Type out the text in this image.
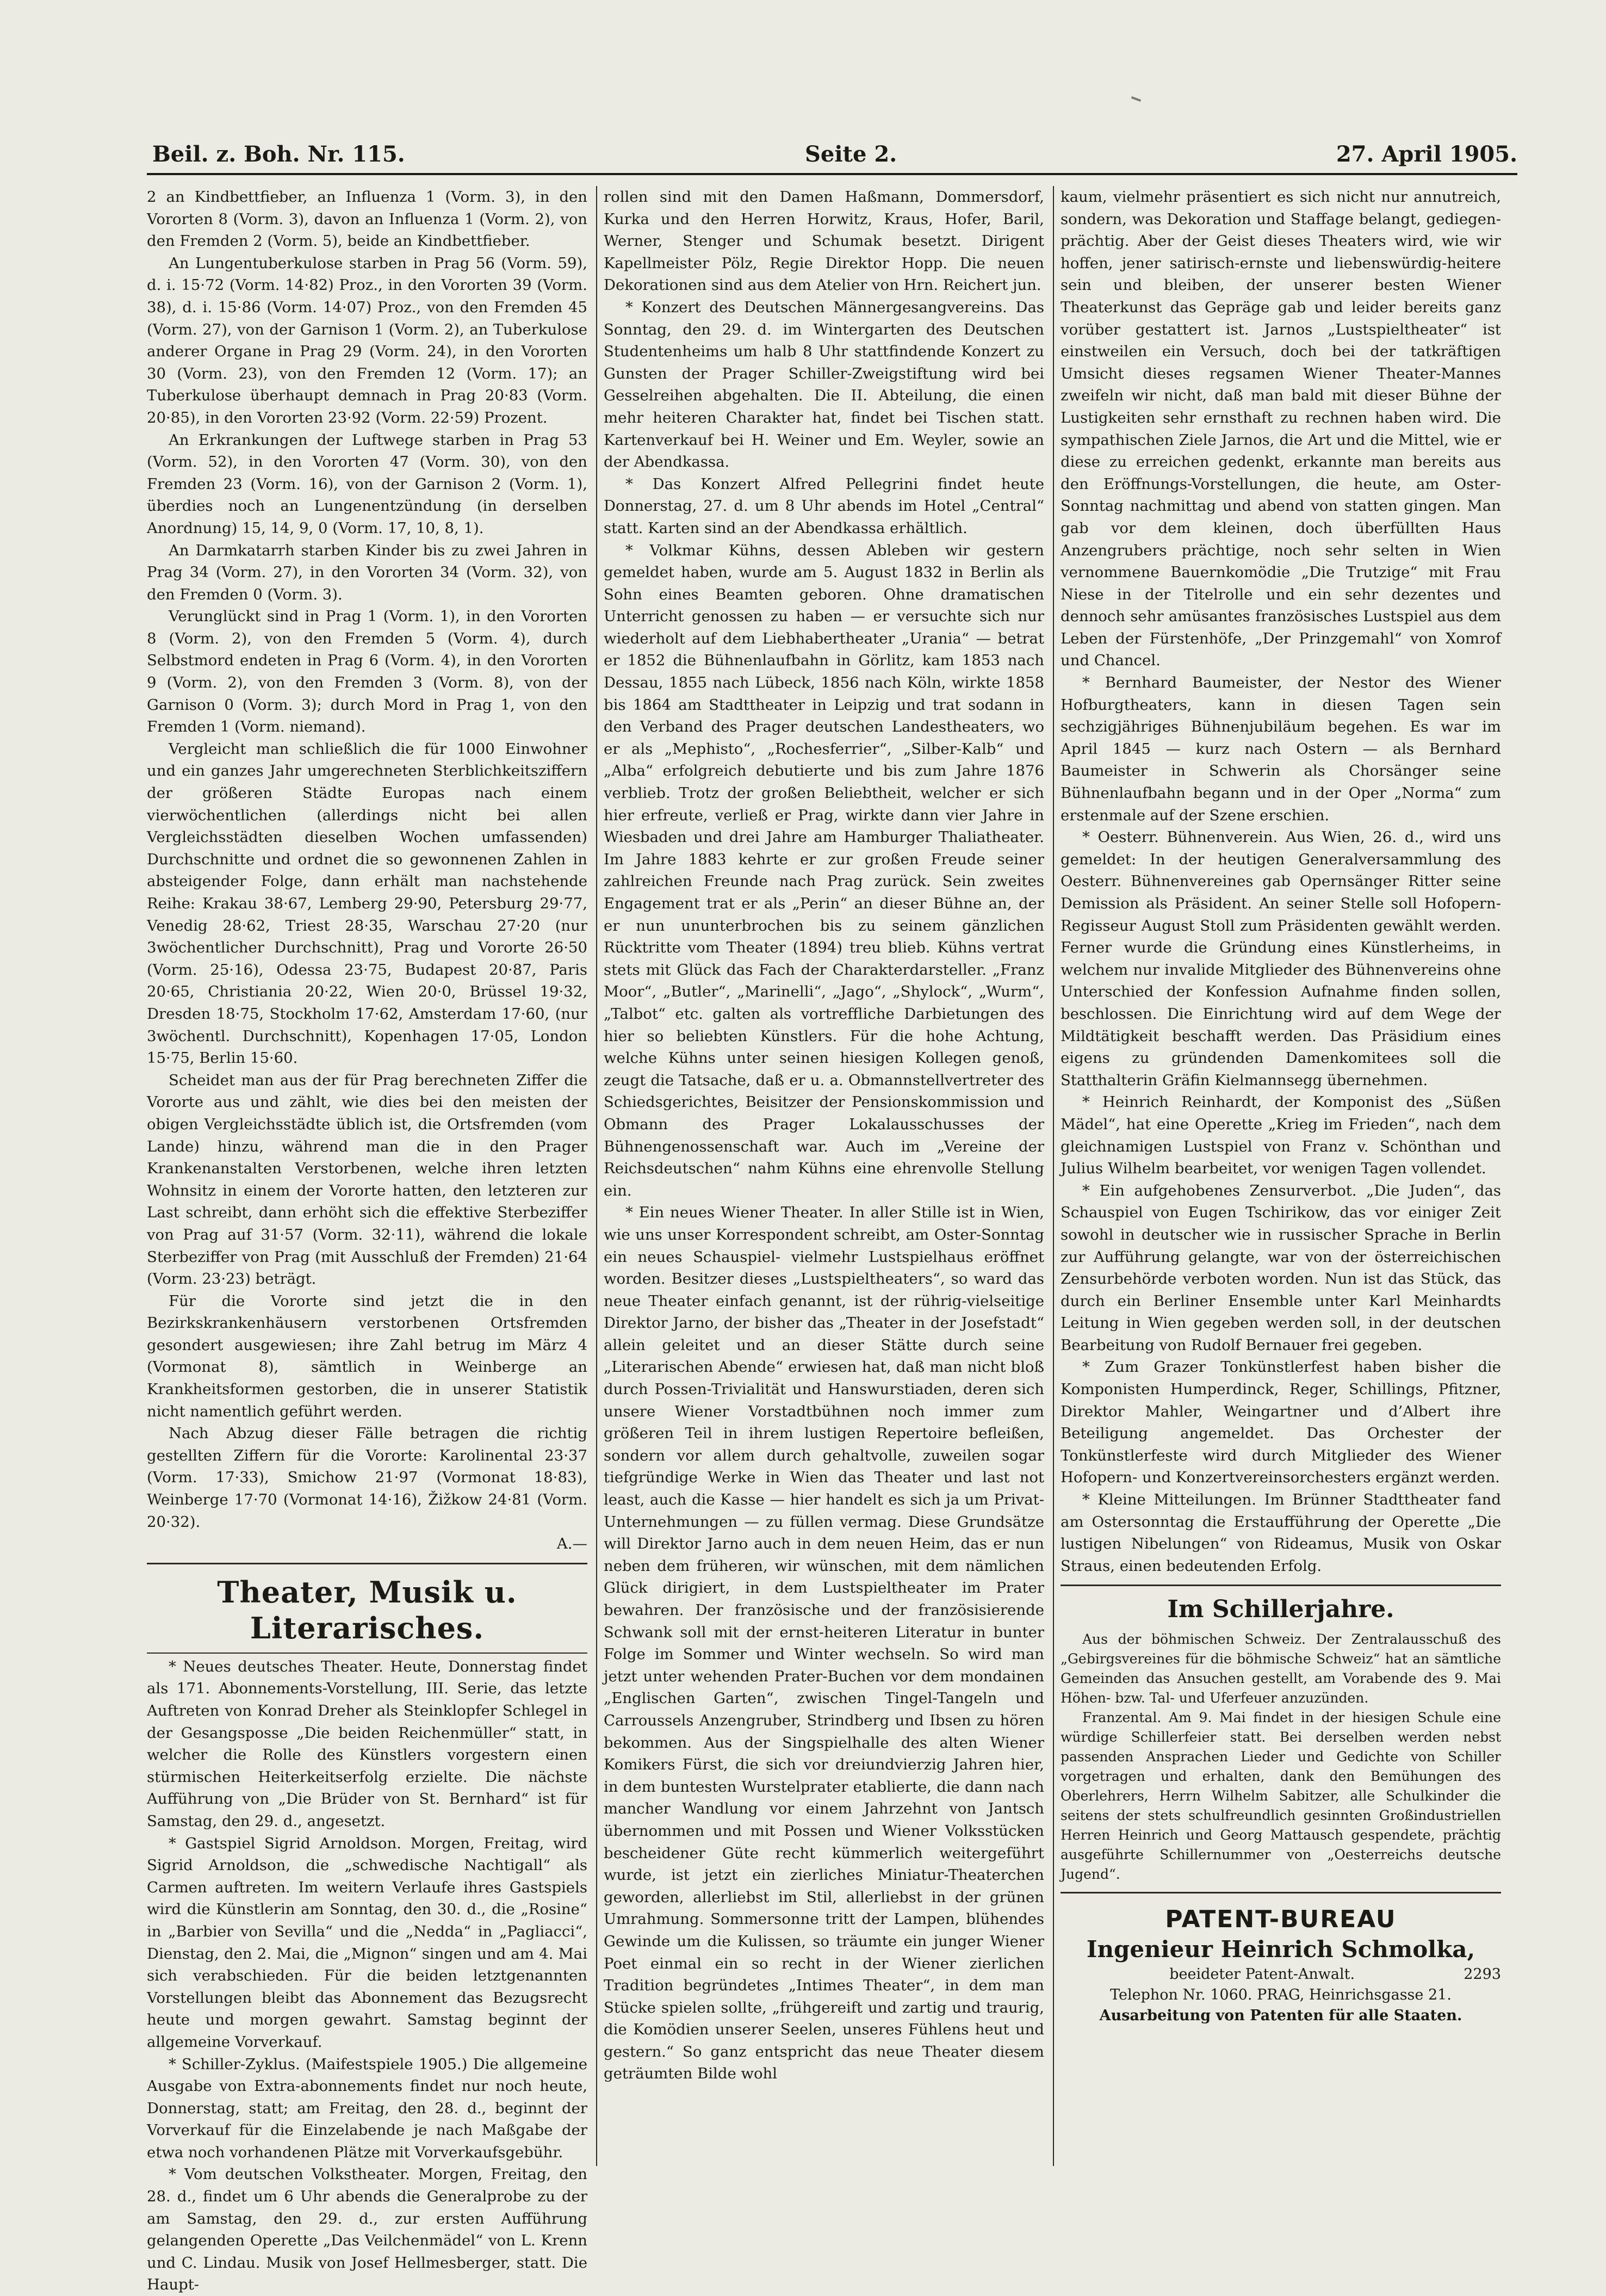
Beil. z. Boh. Nr. 115.	Seite 2.	27. April 1905.

2 an Kindbettfieber, an Influenza 1 (Vorm. 3), in den Vororten 8 (Vorm. 3), davon an Influenza 1 (Vorm. 2), von den Fremden 2 (Vorm. 5), beide an Kindbettfieber.

An Lungentuberkulose starben in Prag 56 (Vorm. 59), d. i. 15·72 (Vorm. 14·82) Proz., in den Vororten 39 (Vorm. 38), d. i. 15·86 (Vorm. 14·07) Proz., von den Fremden 45 (Vorm. 27), von der Garnison 1 (Vorm. 2), an Tuberkulose anderer Organe in Prag 29 (Vorm. 24), in den Vororten 30 (Vorm. 23), von den Fremden 12 (Vorm. 17); an Tuberkulose überhaupt demnach in Prag 20·83 (Vorm. 20·85), in den Vororten 23·92 (Vorm. 22·59) Prozent.

An Erkrankungen der Luftwege starben in Prag 53 (Vorm. 52), in den Vororten 47 (Vorm. 30), von den Fremden 23 (Vorm. 16), von der Garnison 2 (Vorm. 1), überdies noch an Lungenentzündung (in derselben Anordnung) 15, 14, 9, 0 (Vorm. 17, 10, 8, 1).

An Darmkatarrh starben Kinder bis zu zwei Jahren in Prag 34 (Vorm. 27), in den Vororten 34 (Vorm. 32), von den Fremden 0 (Vorm. 3).

Verunglückt sind in Prag 1 (Vorm. 1), in den Vororten 8 (Vorm. 2), von den Fremden 5 (Vorm. 4), durch Selbstmord endeten in Prag 6 (Vorm. 4), in den Vororten 9 (Vorm. 2), von den Fremden 3 (Vorm. 8), von der Garnison 0 (Vorm. 3); durch Mord in Prag 1, von den Fremden 1 (Vorm. niemand).

Vergleicht man schließlich die für 1000 Einwohner und ein ganzes Jahr umgerechneten Sterblichkeitsziffern der größeren Städte Europas nach einem vierwöchentlichen (allerdings nicht bei allen Vergleichsstädten dieselben Wochen umfassenden) Durchschnitte und ordnet die so gewonnenen Zahlen in absteigender Folge, dann erhält man nachstehende Reihe: Krakau 38·67, Lemberg 29·90, Petersburg 29·77, Venedig 28·62, Triest 28·35, Warschau 27·20 (nur 3wöchentlicher Durchschnitt), Prag und Vororte 26·50 (Vorm. 25·16), Odessa 23·75, Budapest 20·87, Paris 20·65, Christiania 20·22, Wien 20·0, Brüssel 19·32, Dresden 18·75, Stockholm 17·62, Amsterdam 17·60, (nur 3wöchentl. Durchschnitt), Kopenhagen 17·05, London 15·75, Berlin 15·60.

Scheidet man aus der für Prag berechneten Ziffer die Vororte aus und zählt, wie dies bei den meisten der obigen Vergleichsstädte üblich ist, die Ortsfremden (vom Lande) hinzu, während man die in den Prager Krankenanstalten Verstorbenen, welche ihren letzten Wohnsitz in einem der Vororte hatten, den letzteren zur Last schreibt, dann erhöht sich die effektive Sterbeziffer von Prag auf 31·57 (Vorm. 32·11), während die lokale Sterbeziffer von Prag (mit Ausschluß der Fremden) 21·64 (Vorm. 23·23) beträgt.

Für die Vororte sind jetzt die in den Bezirkskrankenhäusern verstorbenen Ortsfremden gesondert ausgewiesen; ihre Zahl betrug im März 4 (Vormonat 8), sämtlich in Weinberge an Krankheitsformen gestorben, die in unserer Statistik nicht namentlich geführt werden.

Nach Abzug dieser Fälle betragen die richtig gestellten Ziffern für die Vororte: Karolinental 23·37 (Vorm. 17·33), Smichow 21·97 (Vormonat 18·83), Weinberge 17·70 (Vormonat 14·16), Žižkow 24·81 (Vorm. 20·32).

A.—
Theater, Musik u. Literarisches.

* Neues deutsches Theater. Heute, Donnerstag findet als 171. Abonnements-Vorstellung, III. Serie, das letzte Auftreten von Konrad Dreher als Steinklopfer Schlegel in der Gesangsposse „Die beiden Reichenmüller“ statt, in welcher die Rolle des Künstlers vorgestern einen stürmischen Heiterkeitserfolg erzielte. Die nächste Aufführung von „Die Brüder von St. Bernhard“ ist für Samstag, den 29. d., angesetzt.

* Gastspiel Sigrid Arnoldson. Morgen, Freitag, wird Sigrid Arnoldson, die „schwedische Nachtigall“ als Carmen auftreten. Im weitern Verlaufe ihres Gastspiels wird die Künstlerin am Sonntag, den 30. d., die „Rosine“ in „Barbier von Sevilla“ und die „Nedda“ in „Pagliacci“, Dienstag, den 2. Mai, die „Mignon“ singen und am 4. Mai sich verabschieden. Für die beiden letztgenannten Vorstellungen bleibt das Abonnement das Bezugsrecht heute und morgen gewahrt. Samstag beginnt der allgemeine Vorverkauf.

* Schiller-Zyklus. (Maifestspiele 1905.) Die allgemeine Ausgabe von Extra-abonnements findet nur noch heute, Donnerstag, statt; am Freitag, den 28. d., beginnt der Vorverkauf für die Einzelabende je nach Maßgabe der etwa noch vorhandenen Plätze mit Vorverkaufsgebühr.

* Vom deutschen Volkstheater. Morgen, Freitag, den 28. d., findet um 6 Uhr abends die Generalprobe zu der am Samstag, den 29. d., zur ersten Aufführung gelangenden Operette „Das Veilchenmädel“ von L. Krenn und C. Lindau. Musik von Josef Hellmesberger, statt. Die Haupt-

rollen sind mit den Damen Haßmann, Dommersdorf, Kurka und den Herren Horwitz, Kraus, Hofer, Baril, Werner, Stenger und Schumak besetzt. Dirigent Kapellmeister Pölz, Regie Direktor Hopp. Die neuen Dekorationen sind aus dem Atelier von Hrn. Reichert jun.

* Konzert des Deutschen Männergesangvereins. Das Sonntag, den 29. d. im Wintergarten des Deutschen Studentenheims um halb 8 Uhr stattfindende Konzert zu Gunsten der Prager Schiller-Zweigstiftung wird bei Gesselreihen abgehalten. Die II. Abteilung, die einen mehr heiteren Charakter hat, findet bei Tischen statt. Kartenverkauf bei H. Weiner und Em. Weyler, sowie an der Abendkassa.

* Das Konzert Alfred Pellegrini findet heute Donnerstag, 27. d. um 8 Uhr abends im Hotel „Central“ statt. Karten sind an der Abendkassa erhältlich.

* Volkmar Kühns, dessen Ableben wir gestern gemeldet haben, wurde am 5. August 1832 in Berlin als Sohn eines Beamten geboren. Ohne dramatischen Unterricht genossen zu haben — er versuchte sich nur wiederholt auf dem Liebhabertheater „Urania“ — betrat er 1852 die Bühnenlaufbahn in Görlitz, kam 1853 nach Dessau, 1855 nach Lübeck, 1856 nach Köln, wirkte 1858 bis 1864 am Stadttheater in Leipzig und trat sodann in den Verband des Prager deutschen Landestheaters, wo er als „Mephisto“, „Rochesferrier“, „Silber-Kalb“ und „Alba“ erfolgreich debutierte und bis zum Jahre 1876 verblieb. Trotz der großen Beliebtheit, welcher er sich hier erfreute, verließ er Prag, wirkte dann vier Jahre in Wiesbaden und drei Jahre am Hamburger Thaliatheater. Im Jahre 1883 kehrte er zur großen Freude seiner zahlreichen Freunde nach Prag zurück. Sein zweites Engagement trat er als „Perin“ an dieser Bühne an, der er nun ununterbrochen bis zu seinem gänzlichen Rücktritte vom Theater (1894) treu blieb. Kühns vertrat stets mit Glück das Fach der Charakterdarsteller. „Franz Moor“, „Butler“, „Marinelli“, „Jago“, „Shylock“, „Wurm“, „Talbot“ etc. galten als vortreffliche Darbietungen des hier so beliebten Künstlers. Für die hohe Achtung, welche Kühns unter seinen hiesigen Kollegen genoß, zeugt die Tatsache, daß er u. a. Obmannstellvertreter des Schiedsgerichtes, Beisitzer der Pensionskommission und Obmann des Prager Lokalausschusses der Bühnengenossenschaft war. Auch im „Vereine der Reichsdeutschen“ nahm Kühns eine ehrenvolle Stellung ein.

* Ein neues Wiener Theater. In aller Stille ist in Wien, wie uns unser Korrespondent schreibt, am Oster-Sonntag ein neues Schauspiel- vielmehr Lustspielhaus eröffnet worden. Besitzer dieses „Lustspieltheaters“, so ward das neue Theater einfach genannt, ist der rührig-vielseitige Direktor Jarno, der bisher das „Theater in der Josefstadt“ allein geleitet und an dieser Stätte durch seine „Literarischen Abende“ erwiesen hat, daß man nicht bloß durch Possen-Trivialität und Hanswurstiaden, deren sich unsere Wiener Vorstadtbühnen noch immer zum größeren Teil in ihrem lustigen Repertoire befleißen, sondern vor allem durch gehaltvolle, zuweilen sogar tiefgründige Werke in Wien das Theater und last not least, auch die Kasse — hier handelt es sich ja um Privat-Unternehmungen — zu füllen vermag. Diese Grundsätze will Direktor Jarno auch in dem neuen Heim, das er nun neben dem früheren, wir wünschen, mit dem nämlichen Glück dirigiert, in dem Lustspieltheater im Prater bewahren. Der französische und der französisierende Schwank soll mit der ernst-heiteren Literatur in bunter Folge im Sommer und Winter wechseln. So wird man jetzt unter wehenden Prater-Buchen vor dem mondainen „Englischen Garten“, zwischen Tingel-Tangeln und Carroussels Anzengruber, Strindberg und Ibsen zu hören bekommen. Aus der Singspielhalle des alten Wiener Komikers Fürst, die sich vor dreiundvierzig Jahren hier, in dem buntesten Wurstelprater etablierte, die dann nach mancher Wandlung vor einem Jahrzehnt von Jantsch übernommen und mit Possen und Wiener Volksstücken bescheidener Güte recht kümmerlich weitergeführt wurde, ist jetzt ein zierliches Miniatur-Theaterchen geworden, allerliebst im Stil, allerliebst in der grünen Umrahmung. Sommersonne tritt der Lampen, blühendes Gewinde um die Kulissen, so träumte ein junger Wiener Poet einmal ein so recht in der Wiener zierlichen Tradition begründetes „Intimes Theater“, in dem man Stücke spielen sollte, „frühgereift und zartig und traurig, die Komödien unserer Seelen, unseres Fühlens heut und gestern.“ So ganz entspricht das neue Theater diesem geträumten Bilde wohl

kaum, vielmehr präsentiert es sich nicht nur annutreich, sondern, was Dekoration und Staffage belangt, gediegen-prächtig. Aber der Geist dieses Theaters wird, wie wir hoffen, jener satirisch-ernste und liebenswürdig-heitere sein und bleiben, der unserer besten Wiener Theaterkunst das Gepräge gab und leider bereits ganz vorüber gestattert ist. Jarnos „Lustspieltheater“ ist einstweilen ein Versuch, doch bei der tatkräftigen Umsicht dieses regsamen Wiener Theater-Mannes zweifeln wir nicht, daß man bald mit dieser Bühne der Lustigkeiten sehr ernsthaft zu rechnen haben wird. Die sympathischen Ziele Jarnos, die Art und die Mittel, wie er diese zu erreichen gedenkt, erkannte man bereits aus den Eröffnungs-Vorstellungen, die heute, am Oster-Sonntag nachmittag und abend von statten gingen. Man gab vor dem kleinen, doch überfüllten Haus Anzengrubers prächtige, noch sehr selten in Wien vernommene Bauernkomödie „Die Trutzige“ mit Frau Niese in der Titelrolle und ein sehr dezentes und dennoch sehr amüsantes französisches Lustspiel aus dem Leben der Fürstenhöfe, „Der Prinzgemahl“ von Xomrof und Chancel.

* Bernhard Baumeister, der Nestor des Wiener Hofburgtheaters, kann in diesen Tagen sein sechzigjähriges Bühnenjubiläum begehen. Es war im April 1845 — kurz nach Ostern — als Bernhard Baumeister in Schwerin als Chorsänger seine Bühnenlaufbahn begann und in der Oper „Norma“ zum erstenmale auf der Szene erschien.

* Oesterr. Bühnenverein. Aus Wien, 26. d., wird uns gemeldet: In der heutigen Generalversammlung des Oesterr. Bühnenvereines gab Opernsänger Ritter seine Demission als Präsident. An seiner Stelle soll Hofopern-Regisseur August Stoll zum Präsidenten gewählt werden. Ferner wurde die Gründung eines Künstlerheims, in welchem nur invalide Mitglieder des Bühnenvereins ohne Unterschied der Konfession Aufnahme finden sollen, beschlossen. Die Einrichtung wird auf dem Wege der Mildtätigkeit beschafft werden. Das Präsidium eines eigens zu gründenden Damenkomitees soll die Statthalterin Gräfin Kielmannsegg übernehmen.

* Heinrich Reinhardt, der Komponist des „Süßen Mädel“, hat eine Operette „Krieg im Frieden“, nach dem gleichnamigen Lustspiel von Franz v. Schönthan und Julius Wilhelm bearbeitet, vor wenigen Tagen vollendet.

* Ein aufgehobenes Zensurverbot. „Die Juden“, das Schauspiel von Eugen Tschirikow, das vor einiger Zeit sowohl in deutscher wie in russischer Sprache in Berlin zur Aufführung gelangte, war von der österreichischen Zensurbehörde verboten worden. Nun ist das Stück, das durch ein Berliner Ensemble unter Karl Meinhardts Leitung in Wien gegeben werden soll, in der deutschen Bearbeitung von Rudolf Bernauer frei gegeben.

* Zum Grazer Tonkünstlerfest haben bisher die Komponisten Humperdinck, Reger, Schillings, Pfitzner, Direktor Mahler, Weingartner und d’Albert ihre Beteiligung angemeldet. Das Orchester der Tonkünstlerfeste wird durch Mitglieder des Wiener Hofopern- und Konzertvereinsorchesters ergänzt werden.

* Kleine Mitteilungen. Im Brünner Stadttheater fand am Ostersonntag die Erstaufführung der Operette „Die lustigen Nibelungen“ von Rideamus, Musik von Oskar Straus, einen bedeutenden Erfolg.

Im Schillerjahre.

Aus der böhmischen Schweiz. Der Zentralausschuß des „Gebirgsvereines für die böhmische Schweiz“ hat an sämtliche Gemeinden das Ansuchen gestellt, am Vorabende des 9. Mai Höhen- bzw. Tal- und Uferfeuer anzuzünden.

Franzental. Am 9. Mai findet in der hiesigen Schule eine würdige Schillerfeier statt. Bei derselben werden nebst passenden Ansprachen Lieder und Gedichte von Schiller vorgetragen und erhalten, dank den Bemühungen des Oberlehrers, Herrn Wilhelm Sabitzer, alle Schulkinder die seitens der stets schulfreundlich gesinnten Großindustriellen Herren Heinrich und Georg Mattausch gespendete, prächtig ausgeführte Schillernummer von „Oesterreichs deutsche Jugend“.

PATENT-BUREAU
Ingenieur Heinrich Schmolka,
beeideter Patent-Anwalt.	2293
Telephon Nr. 1060. PRAG, Heinrichsgasse 21.
Ausarbeitung von Patenten für alle Staaten.
